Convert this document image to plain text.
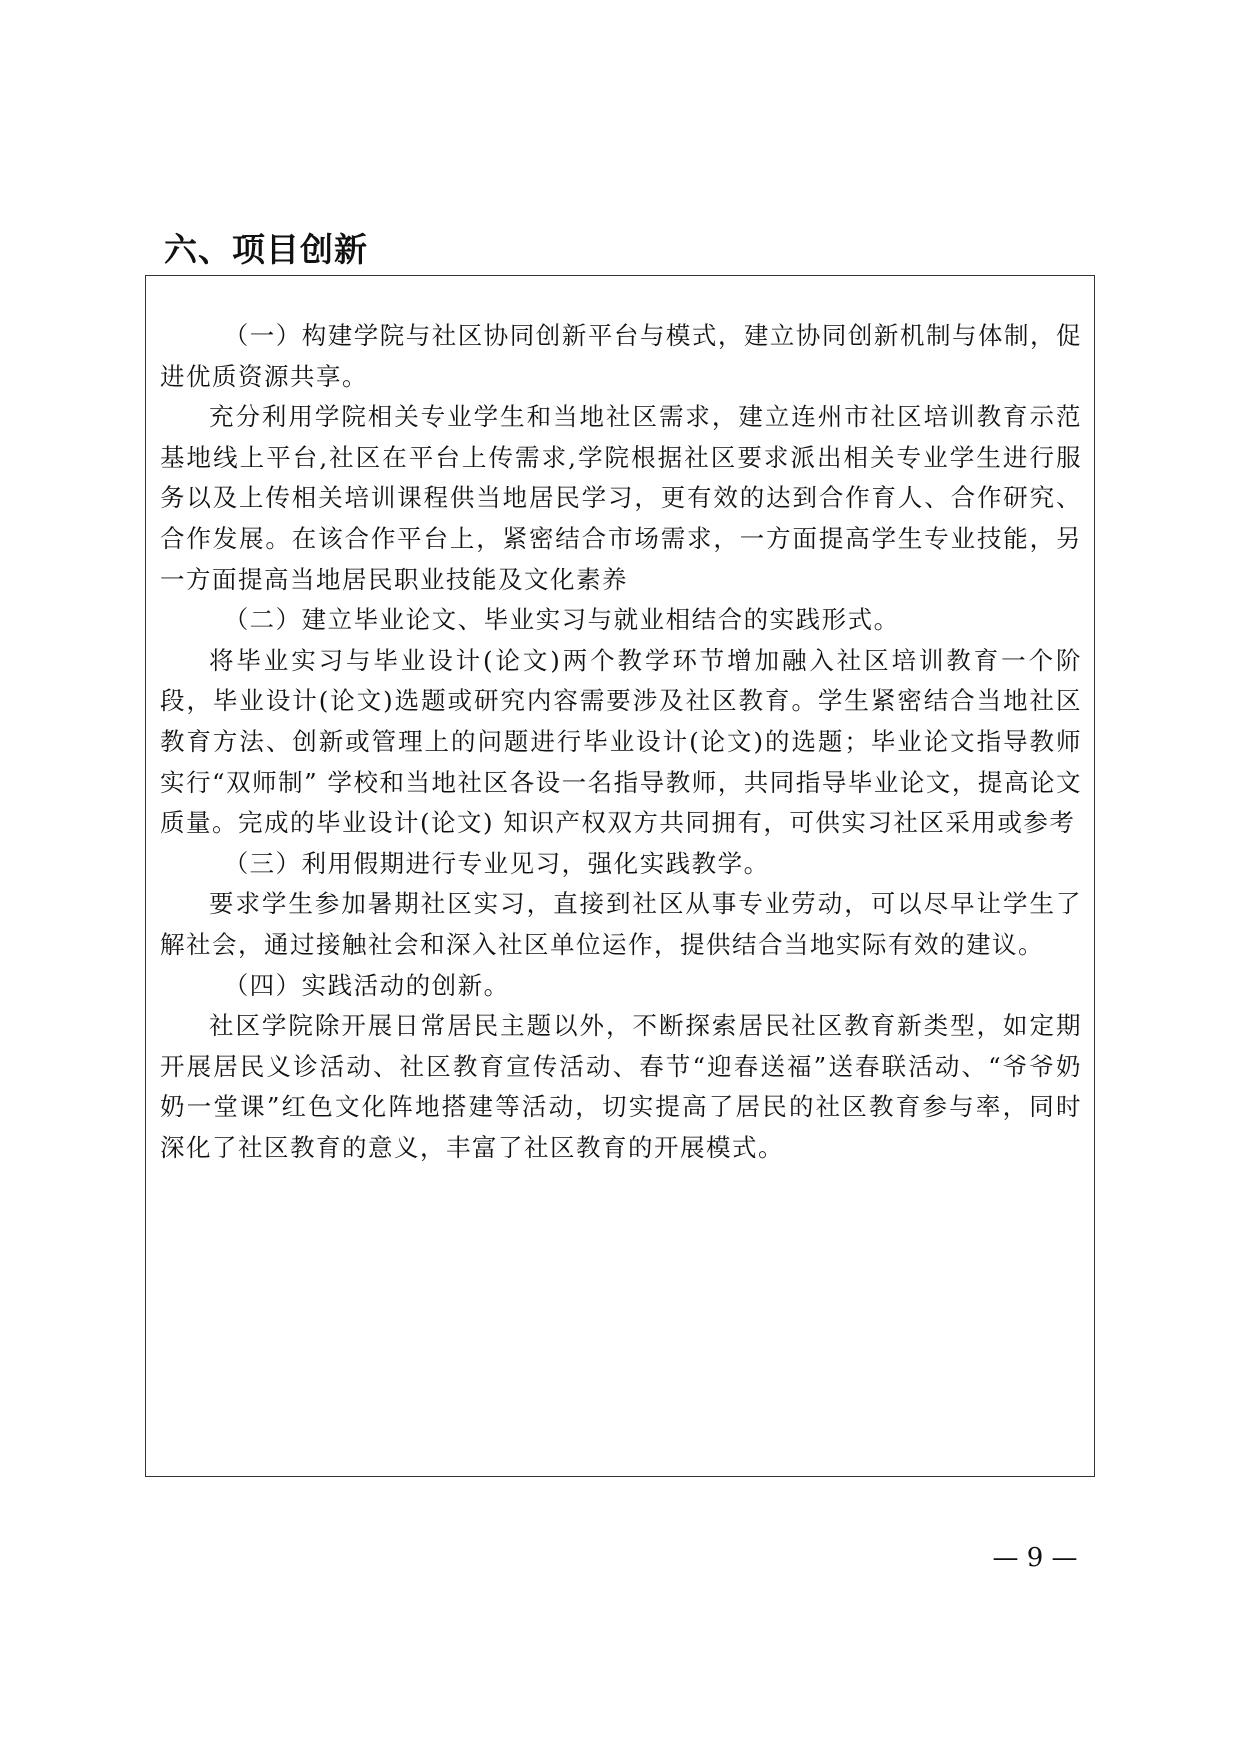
六、项目创新

（一）构建学院与社区协同创新平台与模式，建立协同创新机制与体制，促进优质资源共享。

充分利用学院相关专业学生和当地社区需求，建立连州市社区培训教育示范基地线上平台,社区在平台上传需求,学院根据社区要求派出相关专业学生进行服务以及上传相关培训课程供当地居民学习，更有效的达到合作育人、合作研究、合作发展。在该合作平台上，紧密结合市场需求，一方面提高学生专业技能，另一方面提高当地居民职业技能及文化素养

（二）建立毕业论文、毕业实习与就业相结合的实践形式。

将毕业实习与毕业设计(论文)两个教学环节增加融入社区培训教育一个阶段，毕业设计(论文)选题或研究内容需要涉及社区教育。学生紧密结合当地社区教育方法、创新或管理上的问题进行毕业设计(论文)的选题；毕业论文指导教师实行“双师制” 学校和当地社区各设一名指导教师，共同指导毕业论文，提高论文质量。完成的毕业设计(论文) 知识产权双方共同拥有，可供实习社区采用或参考

（三）利用假期进行专业见习，强化实践教学。

要求学生参加暑期社区实习，直接到社区从事专业劳动，可以尽早让学生了解社会，通过接触社会和深入社区单位运作，提供结合当地实际有效的建议。

（四）实践活动的创新。

社区学院除开展日常居民主题以外，不断探索居民社区教育新类型，如定期开展居民义诊活动、社区教育宣传活动、春节“迎春送福”送春联活动、“爷爷奶奶一堂课”红色文化阵地搭建等活动，切实提高了居民的社区教育参与率，同时深化了社区教育的意义，丰富了社区教育的开展模式。

— 9 —
